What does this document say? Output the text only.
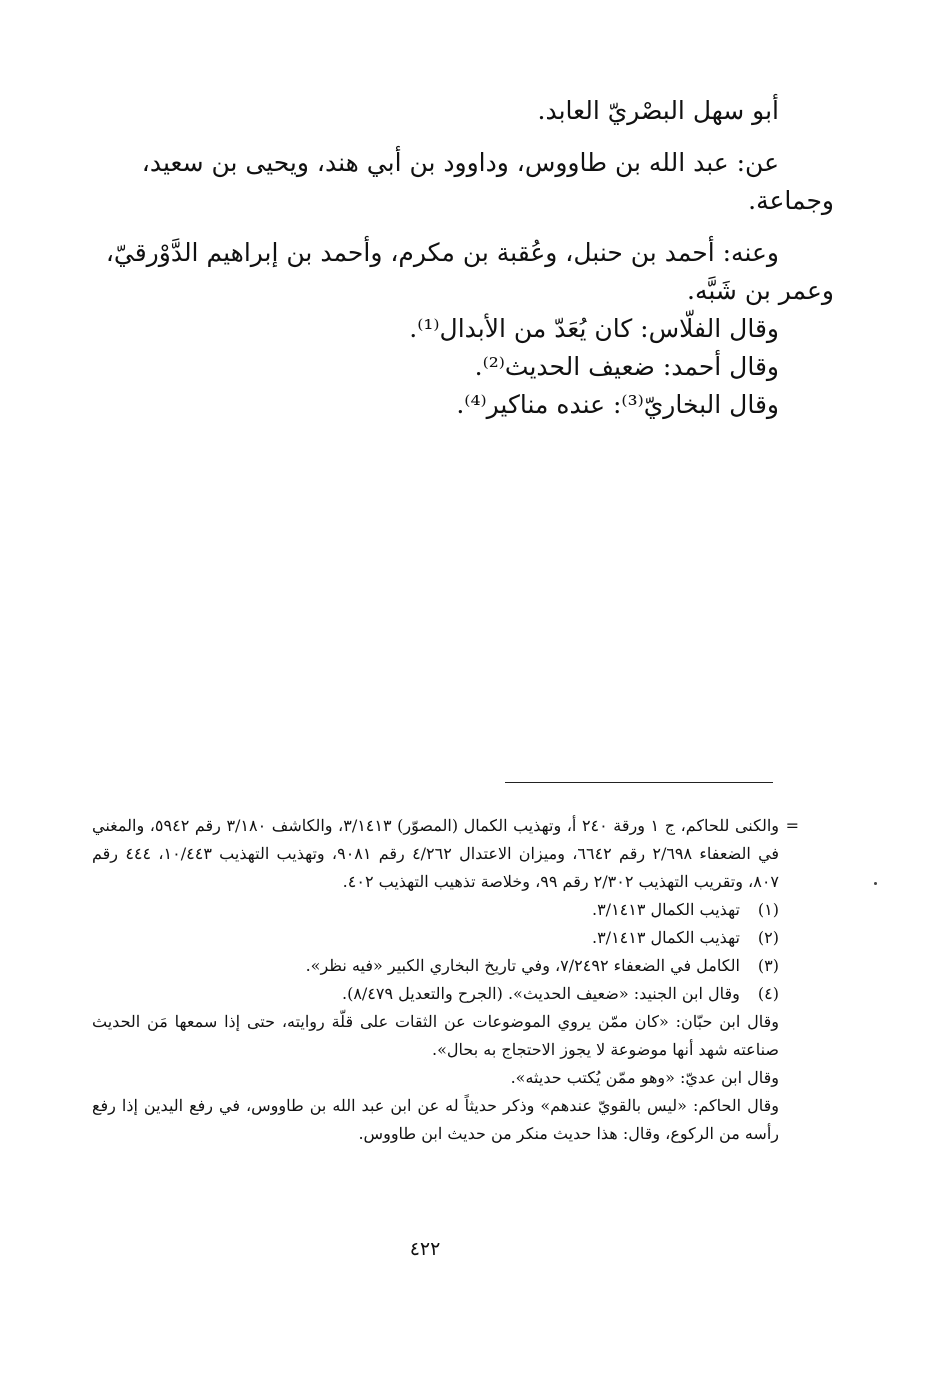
أبو سهل البصْريّ العابد.
عن: عبد الله بن طاووس، وداوود بن أبي هند، ويحيى بن سعيد،
وجماعة.
وعنه: أحمد بن حنبل، وعُقبة بن مكرم، وأحمد بن إبراهيم الدَّوْرقيّ،
وعمر بن شَبَّه.
وقال الفلّاس: كان يُعَدّ من الأبدال⁽¹⁾.
وقال أحمد: ضعيف الحديث⁽²⁾.
وقال البخاريّ⁽³⁾: عنده مناكير⁽⁴⁾.
=
والكنى للحاكم، ج ١ ورقة ٢٤٠ أ، وتهذيب الكمال (المصوّر) ٣/١٤١٣، والكاشف ٣/١٨٠ رقم ٥٩٤٢، والمغني في الضعفاء ٢/٦٩٨ رقم ٦٦٤٢، وميزان الاعتدال ٤/٢٦٢ رقم ٩٠٨١، وتهذيب التهذيب ١٠/٤٤٣، ٤٤٤ رقم ٨٠٧، وتقريب التهذيب ٢/٣٠٢ رقم ٩٩، وخلاصة تذهيب التهذيب ٤٠٢.
(١) تهذيب الكمال ٣/١٤١٣.
(٢) تهذيب الكمال ٣/١٤١٣.
(٣) الكامل في الضعفاء ٧/٢٤٩٢، وفي تاريخ البخاري الكبير «فيه نظر».
(٤) وقال ابن الجنيد: «ضعيف الحديث». (الجرح والتعديل ٨/٤٧٩).
وقال ابن حبّان: «كان ممّن يروي الموضوعات عن الثقات على قلّة روايته، حتى إذا سمعها مَن الحديث صناعته شهد أنها موضوعة لا يجوز الاحتجاج به بحال».
وقال ابن عديّ: «وهو ممّن يُكتب حديثه».
وقال الحاكم: «ليس بالقويّ عندهم» وذكر حديثاً له عن ابن عبد الله بن طاووس، في رفع اليدين إذا رفع رأسه من الركوع، وقال: هذا حديث منكر من حديث ابن طاووس.
٤٢٢
